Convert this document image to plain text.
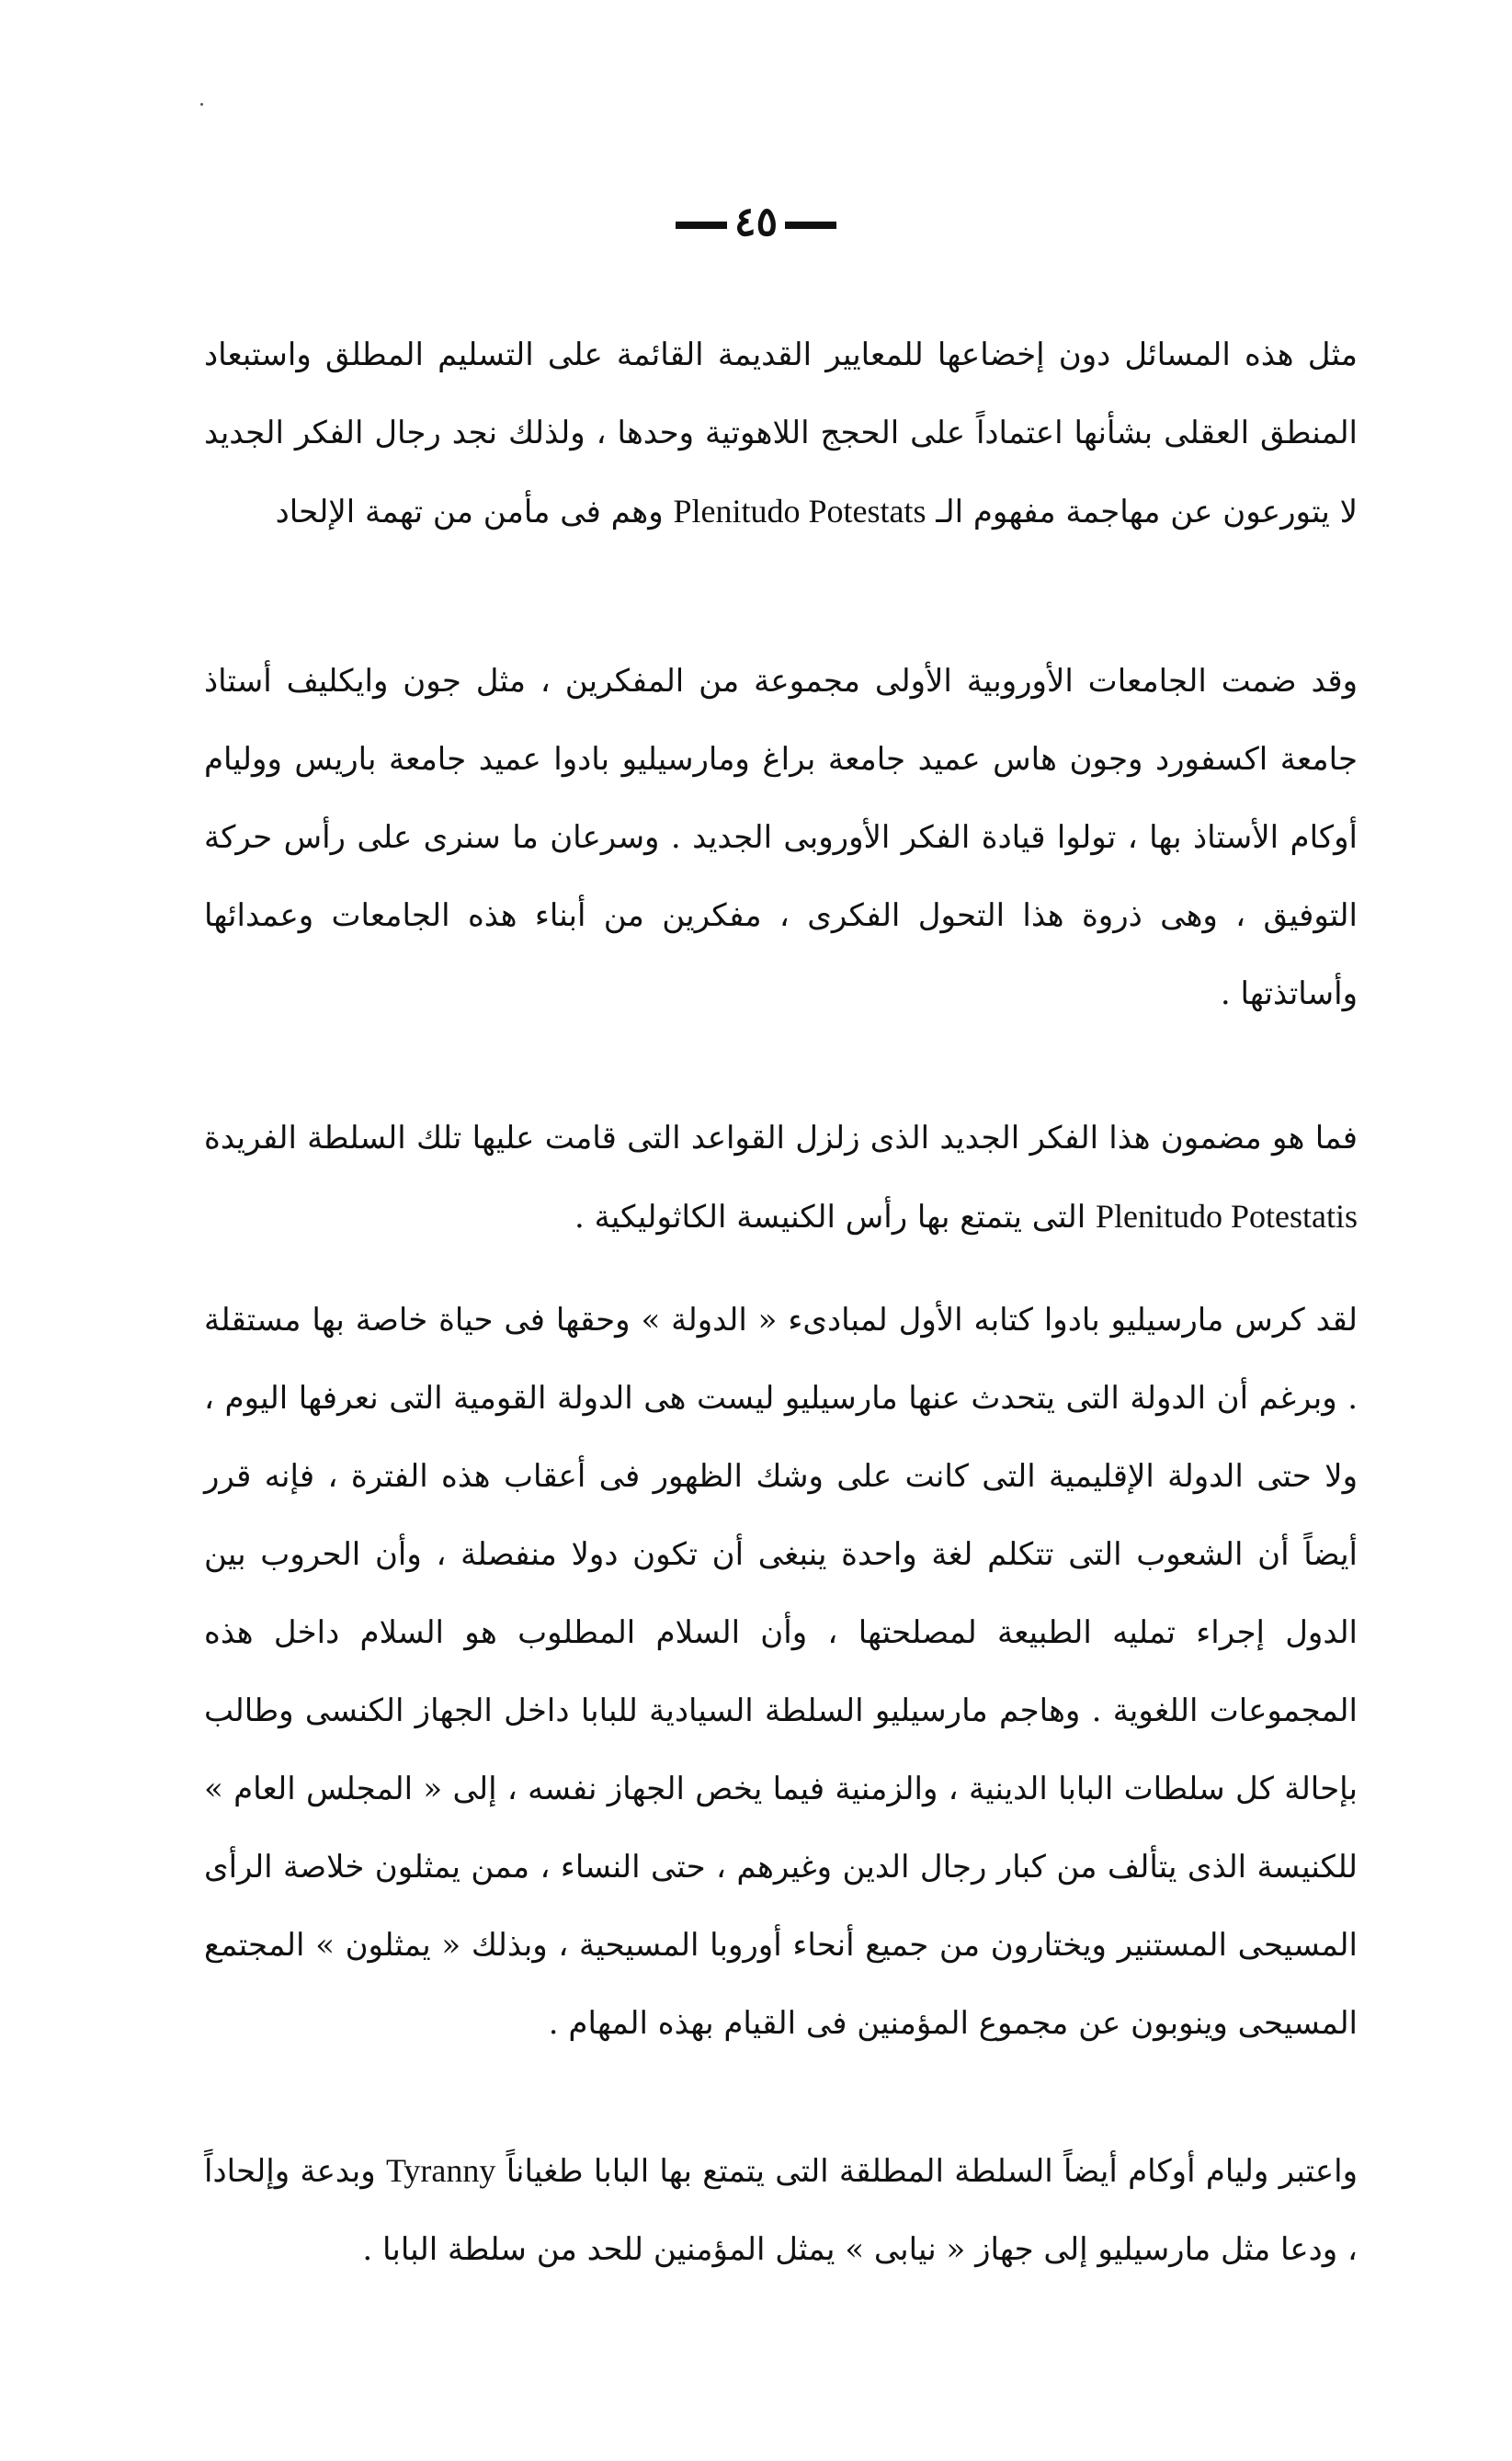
٤٥

مثل هذه المسائل دون إخضاعها للمعايير القديمة القائمة على التسليم المطلق واستبعاد المنطق العقلى بشأنها اعتماداً على الحجج اللاهوتية وحدها ، ولذلك نجد رجال الفكر الجديد لا يتورعون عن مهاجمة مفهوم الـ Plenitudo Potestats وهم فى مأمن من تهمة الإلحاد

وقد ضمت الجامعات الأوروبية الأولى مجموعة من المفكرين ، مثل جون وايكليف أستاذ جامعة اكسفورد وجون هاس عميد جامعة براغ ومارسيليو بادوا عميد جامعة باريس ووليام أوكام الأستاذ بها ، تولوا قيادة الفكر الأوروبى الجديد . وسرعان ما سنرى على رأس حركة التوفيق ، وهى ذروة هذا التحول الفكرى ، مفكرين من أبناء هذه الجامعات وعمدائها وأساتذتها .

فما هو مضمون هذا الفكر الجديد الذى زلزل القواعد التى قامت عليها تلك السلطة الفريدة Plenitudo Potestatis التى يتمتع بها رأس الكنيسة الكاثوليكية .

لقد كرس مارسيليو بادوا كتابه الأول لمبادىء « الدولة » وحقها فى حياة خاصة بها مستقلة . وبرغم أن الدولة التى يتحدث عنها مارسيليو ليست هى الدولة القومية التى نعرفها اليوم ، ولا حتى الدولة الإقليمية التى كانت على وشك الظهور فى أعقاب هذه الفترة ، فإنه قرر أيضاً أن الشعوب التى تتكلم لغة واحدة ينبغى أن تكون دولا منفصلة ، وأن الحروب بين الدول إجراء تمليه الطبيعة لمصلحتها ، وأن السلام المطلوب هو السلام داخل هذه المجموعات اللغوية . وهاجم مارسيليو السلطة السيادية للبابا داخل الجهاز الكنسى وطالب بإحالة كل سلطات البابا الدينية ، والزمنية فيما يخص الجهاز نفسه ، إلى « المجلس العام » للكنيسة الذى يتألف من كبار رجال الدين وغيرهم ، حتى النساء ، ممن يمثلون خلاصة الرأى المسيحى المستنير ويختارون من جميع أنحاء أوروبا المسيحية ، وبذلك « يمثلون » المجتمع المسيحى وينوبون عن مجموع المؤمنين فى القيام بهذه المهام .

واعتبر وليام أوكام أيضاً السلطة المطلقة التى يتمتع بها البابا طغياناً Tyranny وبدعة وإلحاداً ، ودعا مثل مارسيليو إلى جهاز « نيابى » يمثل المؤمنين للحد من سلطة البابا .
